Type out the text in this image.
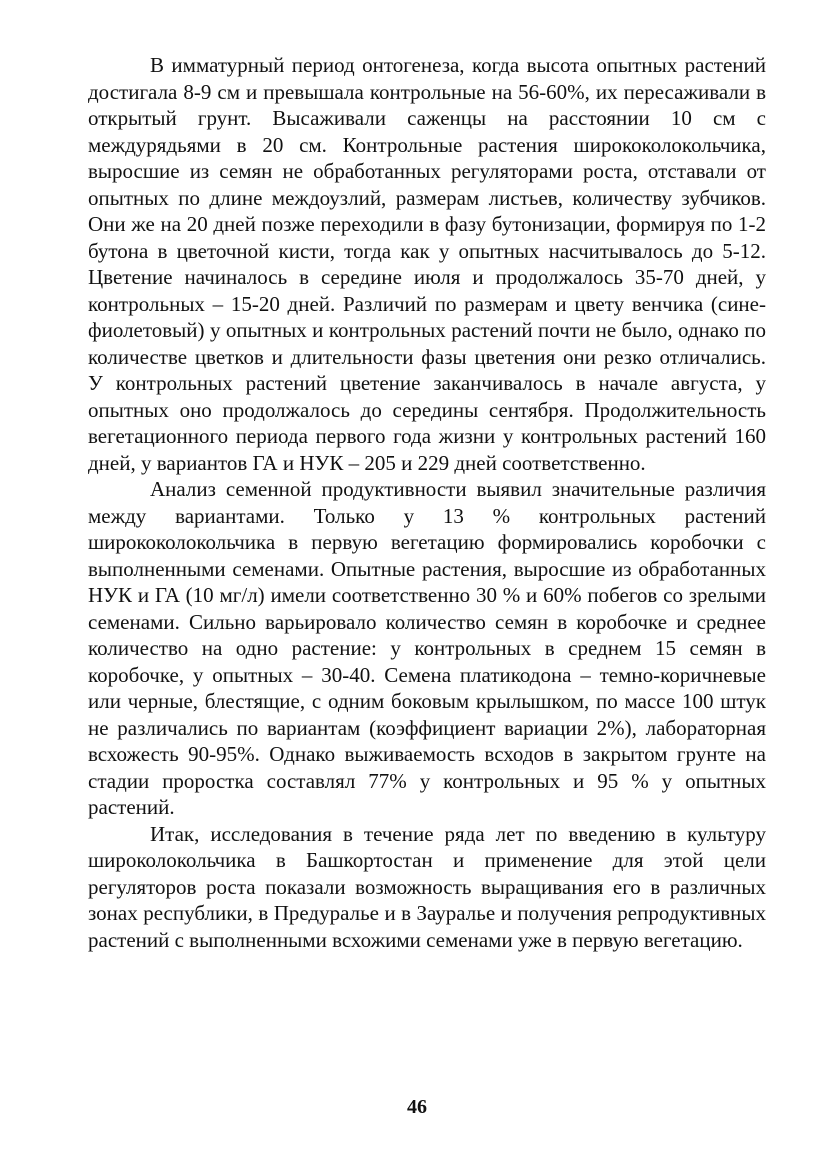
В имматурный период онтогенеза, когда высота опытных растений достигала 8-9 см и превышала контрольные на 56-60%, их пересаживали в открытый грунт. Высаживали саженцы на расстоянии 10 см с междурядьями в 20 см. Контрольные растения ширококолокольчика, выросшие из семян не обработанных регуляторами роста, отставали от опытных по длине междоузлий, размерам листьев, количеству зубчиков. Они же на 20 дней позже переходили в фазу бутонизации, формируя по 1-2 бутона в цветочной кисти, тогда как у опытных насчитывалось до 5-12. Цветение начиналось в середине июля и продолжалось 35-70 дней, у контрольных – 15-20 дней. Различий по размерам и цвету венчика (сине-фиолетовый) у опытных и контрольных растений почти не было, однако по количестве цветков и длительности фазы цветения они резко отличались. У контрольных растений цветение заканчивалось в начале августа, у опытных оно продолжалось до середины сентября. Продолжительность вегетационного периода первого года жизни у контрольных растений 160 дней, у вариантов ГА и НУК – 205 и 229 дней соответственно.

Анализ семенной продуктивности выявил значительные различия между вариантами. Только у 13 % контрольных растений ширококолокольчика в первую вегетацию формировались коробочки с выполненными семенами. Опытные растения, выросшие из обработанных НУК и ГА (10 мг/л) имели соответственно 30 % и 60% побегов со зрелыми семенами. Сильно варьировало количество семян в коробочке и среднее количество на одно растение: у контрольных в среднем 15 семян в коробочке, у опытных – 30-40. Семена платикодона – темно-коричневые или черные, блестящие, с одним боковым крылышком, по массе 100 штук не различались по вариантам (коэффициент вариации 2%), лабораторная всхожесть 90-95%. Однако выживаемость всходов в закрытом грунте на стадии проростка составлял 77% у контрольных и 95 % у опытных растений.

Итак, исследования в течение ряда лет по введению в культуру широколокольчика в Башкортостан и применение для этой цели регуляторов роста показали возможность выращивания его в различных зонах республики, в Предуралье и в Зауралье и получения репродуктивных растений с выполненными всхожими семенами уже в первую вегетацию.

46
